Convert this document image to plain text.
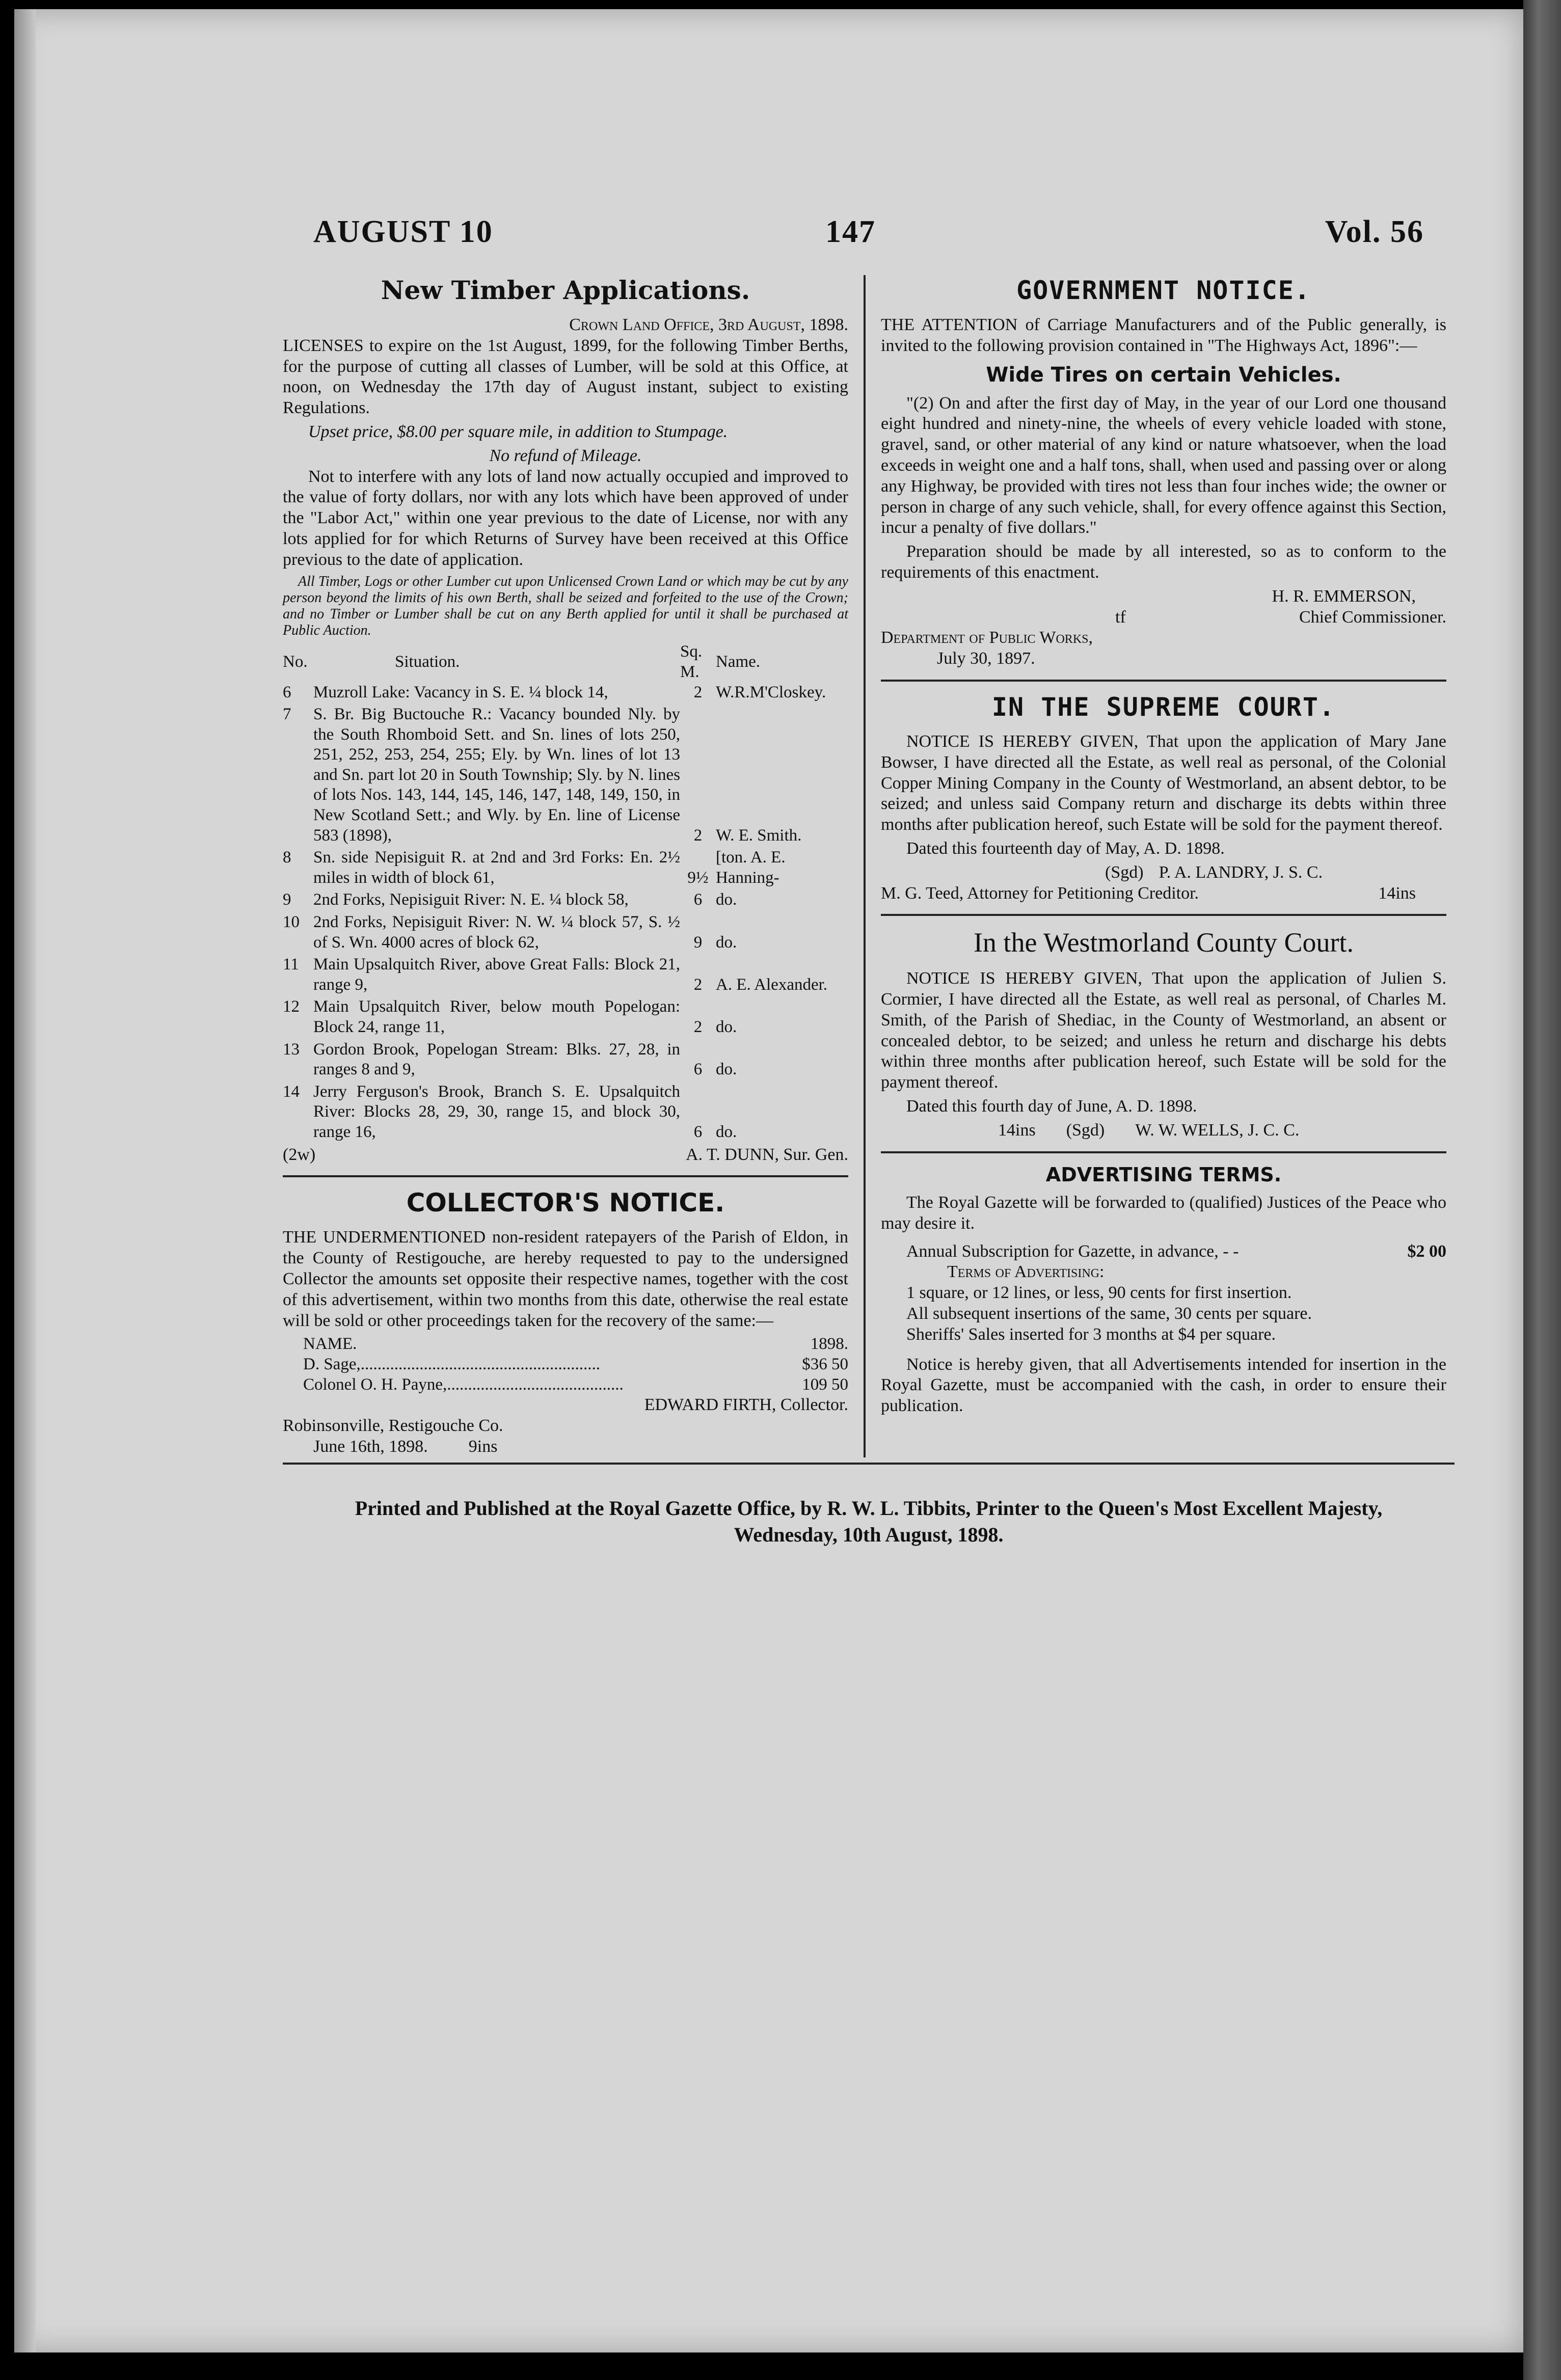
AUGUST 10	147	Vol. 56
New Timber Applications.
Crown Land Office, 3rd August, 1898.

LICENSES to expire on the 1st August, 1899, for the following Timber Berths, for the purpose of cutting all classes of Lumber, will be sold at this Office, at noon, on Wednesday the 17th day of August instant, subject to existing Regulations.

Upset price, $8.00 per square mile, in addition to Stumpage.

No refund of Mileage.

Not to interfere with any lots of land now actually occupied and improved to the value of forty dollars, nor with any lots which have been approved of under the "Labor Act," within one year previous to the date of License, nor with any lots applied for for which Returns of Survey have been received at this Office previous to the date of application.

All Timber, Logs or other Lumber cut upon Unlicensed Crown Land or which may be cut by any person beyond the limits of his own Berth, shall be seized and forfeited to the use of the Crown; and no Timber or Lumber shall be cut on any Berth applied for until it shall be purchased at Public Auction.

No.	Situation.	Sq. M.	Name.
6	Muzroll Lake: Vacancy in S. E. ¼ block 14,	2	W.R.M'Closkey.
7	S. Br. Big Buctouche R.: Vacancy bounded Nly. by the South Rhomboid Sett. and Sn. lines of lots 250, 251, 252, 253, 254, 255; Ely. by Wn. lines of lot 13 and Sn. part lot 20 in South Township; Sly. by N. lines of lots Nos. 143, 144, 145, 146, 147, 148, 149, 150, in New Scotland Sett.; and Wly. by En. line of License 583 (1898),	2	W. E. Smith.
8	Sn. side Nepisiguit R. at 2nd and 3rd Forks: En. 2½ miles in width of block 61,	9½	[ton. A. E. Hanning-
9	2nd Forks, Nepisiguit River: N. E. ¼ block 58,	6	do.
10	2nd Forks, Nepisiguit River: N. W. ¼ block 57, S. ½ of S. Wn. 4000 acres of block 62,	9	do.
11	Main Upsalquitch River, above Great Falls: Block 21, range 9,	2	A. E. Alexander.
12	Main Upsalquitch River, below mouth Popelogan: Block 24, range 11,	2	do.
13	Gordon Brook, Popelogan Stream: Blks. 27, 28, in ranges 8 and 9,	6	do.
14	Jerry Ferguson's Brook, Branch S. E. Upsalquitch River: Blocks 28, 29, 30, range 15, and block 30, range 16,	6	do.
(2w)	A. T. DUNN, Sur. Gen.
COLLECTOR'S NOTICE.

THE UNDERMENTIONED non-resident ratepayers of the Parish of Eldon, in the County of Restigouche, are hereby requested to pay to the undersigned Collector the amounts set opposite their respective names, together with the cost of this advertisement, within two months from this date, otherwise the real estate will be sold or other proceedings taken for the recovery of the same:—

NAME.	1898.
D. Sage,.........................................................	$36 50
Colonel O. H. Payne,..........................................	109 50
EDWARD FIRTH, Collector.
Robinsonville, Restigouche Co.
June 16th, 1898. 9ins
GOVERNMENT NOTICE.

THE ATTENTION of Carriage Manufacturers and of the Public generally, is invited to the following provision contained in "The Highways Act, 1896":—

Wide Tires on certain Vehicles.

"(2) On and after the first day of May, in the year of our Lord one thousand eight hundred and ninety-nine, the wheels of every vehicle loaded with stone, gravel, sand, or other material of any kind or nature whatsoever, when the load exceeds in weight one and a half tons, shall, when used and passing over or along any Highway, be provided with tires not less than four inches wide; the owner or person in charge of any such vehicle, shall, for every offence against this Section, incur a penalty of five dollars."

Preparation should be made by all interested, so as to conform to the requirements of this enactment.

H. R. EMMERSON,
tf	Chief Commissioner.
Department of Public Works,
July 30, 1897.
IN THE SUPREME COURT.

NOTICE IS HEREBY GIVEN, That upon the application of Mary Jane Bowser, I have directed all the Estate, as well real as personal, of the Colonial Copper Mining Company in the County of Westmorland, an absent debtor, to be seized; and unless said Company return and discharge its debts within three months after publication hereof, such Estate will be sold for the payment thereof.

Dated this fourteenth day of May, A. D. 1898.

(Sgd) P. A. LANDRY, J. S. C.
M. G. Teed, Attorney for Petitioning Creditor.	14ins
In the Westmorland County Court.

NOTICE IS HEREBY GIVEN, That upon the application of Julien S. Cormier, I have directed all the Estate, as well real as personal, of Charles M. Smith, of the Parish of Shediac, in the County of Westmorland, an absent or concealed debtor, to be seized; and unless he return and discharge his debts within three months after publication hereof, such Estate will be sold for the payment thereof.

Dated this fourth day of June, A. D. 1898.

14ins (Sgd) W. W. WELLS, J. C. C.
ADVERTISING TERMS.

The Royal Gazette will be forwarded to (qualified) Justices of the Peace who may desire it.

Annual Subscription for Gazette, in advance, - -	$2 00
Terms of Advertising:
1 square, or 12 lines, or less, 90 cents for first insertion.
All subsequent insertions of the same, 30 cents per square.
Sheriffs' Sales inserted for 3 months at $4 per square.

Notice is hereby given, that all Advertisements intended for insertion in the Royal Gazette, must be accompanied with the cash, in order to ensure their publication.

Printed and Published at the Royal Gazette Office, by R. W. L. Tibbits, Printer to the Queen's Most Excellent Majesty,
Wednesday, 10th August, 1898.
